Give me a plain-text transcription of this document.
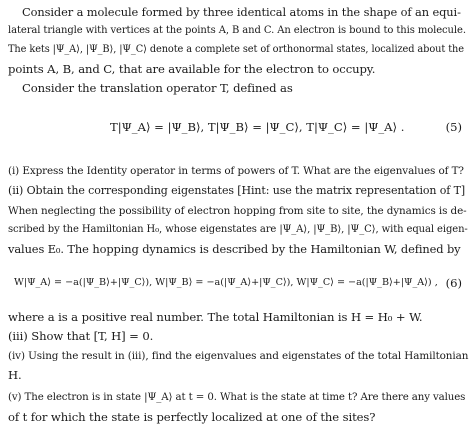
Consider a molecule formed by three identical atoms in the shape of an equi-
lateral triangle with vertices at the points A, B and C. An electron is bound to this molecule.
The kets |Ψ_A⟩, |Ψ_B⟩, |Ψ_C⟩ denote a complete set of orthonormal states, localized about the
points A, B, and C, that are available for the electron to occupy.
Consider the translation operator T, defined as
T|Ψ_A⟩ = |Ψ_B⟩, T|Ψ_B⟩ = |Ψ_C⟩, T|Ψ_C⟩ = |Ψ_A⟩ .	(5)
(i) Express the Identity operator in terms of powers of T. What are the eigenvalues of T?
(ii) Obtain the corresponding eigenstates [Hint: use the matrix representation of T]
When neglecting the possibility of electron hopping from site to site, the dynamics is de-
scribed by the Hamiltonian H₀, whose eigenstates are |Ψ_A⟩, |Ψ_B⟩, |Ψ_C⟩, with equal eigen-
values E₀. The hopping dynamics is described by the Hamiltonian W, defined by
W|Ψ_A⟩ = −a(|Ψ_B⟩+|Ψ_C⟩), W|Ψ_B⟩ = −a(|Ψ_A⟩+|Ψ_C⟩), W|Ψ_C⟩ = −a(|Ψ_B⟩+|Ψ_A⟩) , (6)
where a is a positive real number. The total Hamiltonian is H = H₀ + W.
(iii) Show that [T, H] = 0.
(iv) Using the result in (iii), find the eigenvalues and eigenstates of the total Hamiltonian
H.
(v) The electron is in state |Ψ_A⟩ at t = 0. What is the state at time t? Are there any values
of t for which the state is perfectly localized at one of the sites?
